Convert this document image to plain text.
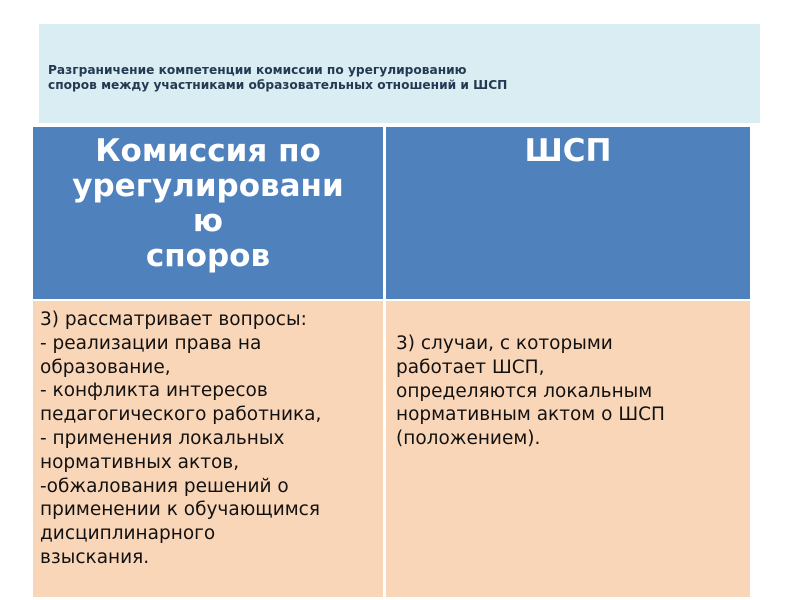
Разграничение компетенции комиссии по урегулированию
споров между участниками образовательных отношений и ШСП
Комиссия по
урегулировани
ю
споров
ШСП
3) рассматривает вопросы:
- реализации права на
образование,
- конфликта интересов
педагогического работника,
- применения локальных
нормативных актов,
-обжалования решений о
применении к обучающимся
дисциплинарного
взыскания.
3) случаи, с которыми
работает ШСП,
определяются локальным
нормативным актом о ШСП
(положением).
